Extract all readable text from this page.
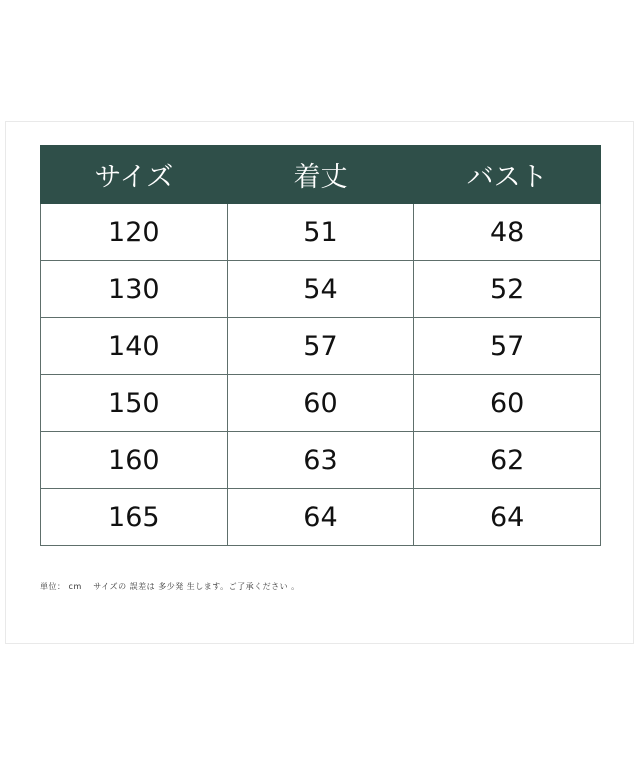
サイズ	着丈	バスト
120	51	48
130	54	52
140	57	57
150	60	60
160	63	62
165	64	64
単位： cm　 サイズの 誤差は 多少発 生します。ご了承ください 。
